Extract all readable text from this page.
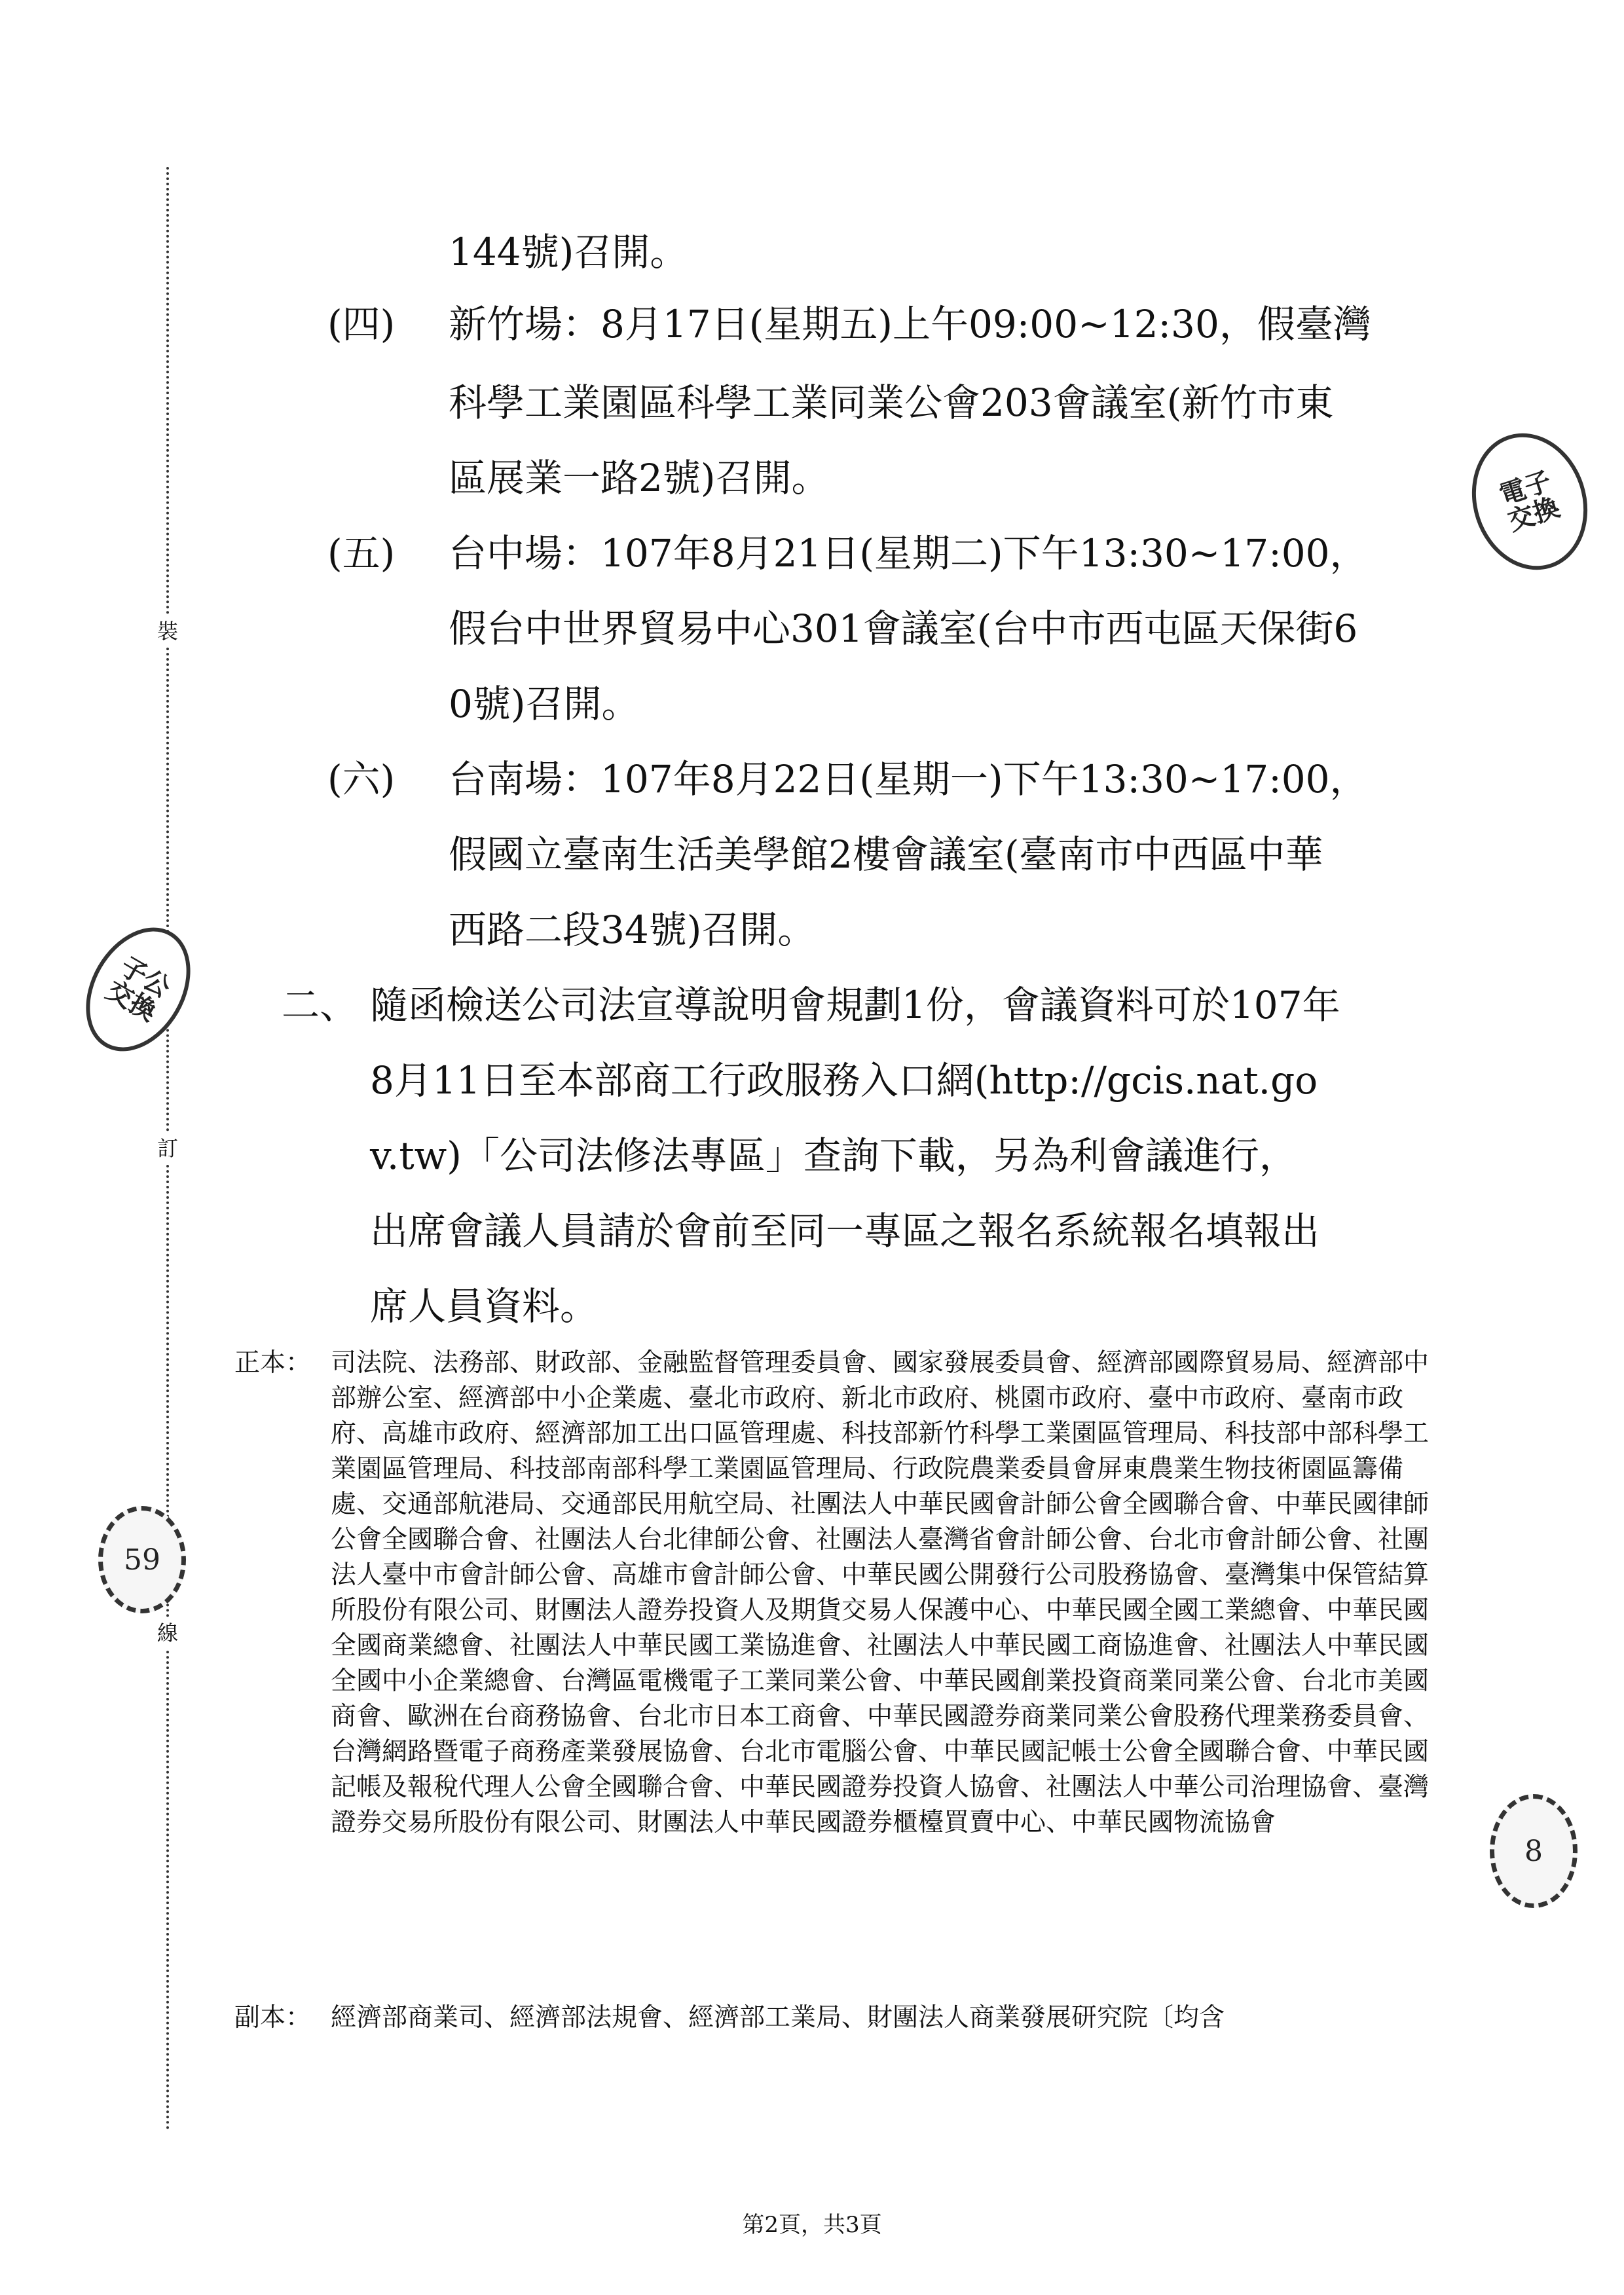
裝
訂
線
電子
交換
子公
交換
59
8
144號)召開。
(四) 新竹場：8月17日(星期五)上午09:00~12:30，假臺灣
科學工業園區科學工業同業公會203會議室(新竹市東
區展業一路2號)召開。
(五) 台中場：107年8月21日(星期二)下午13:30~17:00，
假台中世界貿易中心301會議室(台中市西屯區天保街6
0號)召開。
(六) 台南場：107年8月22日(星期一)下午13:30~17:00，
假國立臺南生活美學館2樓會議室(臺南市中西區中華
西路二段34號)召開。
二、 隨函檢送公司法宣導說明會規劃1份，會議資料可於107年
8月11日至本部商工行政服務入口網(http://gcis.nat.go
v.tw)「公司法修法專區」查詢下載，另為利會議進行，
出席會議人員請於會前至同一專區之報名系統報名填報出
席人員資料。
正本： 司法院、法務部、財政部、金融監督管理委員會、國家發展委員會、經濟部國際貿易局、經濟部中部辦公室、經濟部中小企業處、臺北市政府、新北市政府、桃園市政府、臺中市政府、臺南市政府、高雄市政府、經濟部加工出口區管理處、科技部新竹科學工業園區管理局、科技部中部科學工業園區管理局、科技部南部科學工業園區管理局、行政院農業委員會屏東農業生物技術園區籌備處、交通部航港局、交通部民用航空局、社團法人中華民國會計師公會全國聯合會、中華民國律師公會全國聯合會、社團法人台北律師公會、社團法人臺灣省會計師公會、台北市會計師公會、社團法人臺中市會計師公會、高雄市會計師公會、中華民國公開發行公司股務協會、臺灣集中保管結算所股份有限公司、財團法人證券投資人及期貨交易人保護中心、中華民國全國工業總會、中華民國全國商業總會、社團法人中華民國工業協進會、社團法人中華民國工商協進會、社團法人中華民國全國中小企業總會、台灣區電機電子工業同業公會、中華民國創業投資商業同業公會、台北市美國商會、歐洲在台商務協會、台北市日本工商會、中華民國證券商業同業公會股務代理業務委員會、台灣網路暨電子商務產業發展協會、台北市電腦公會、中華民國記帳士公會全國聯合會、中華民國記帳及報稅代理人公會全國聯合會、中華民國證券投資人協會、社團法人中華公司治理協會、臺灣證券交易所股份有限公司、財團法人中華民國證券櫃檯買賣中心、中華民國物流協會
副本： 經濟部商業司、經濟部法規會、經濟部工業局、財團法人商業發展研究院〔均含
第2頁，共3頁
